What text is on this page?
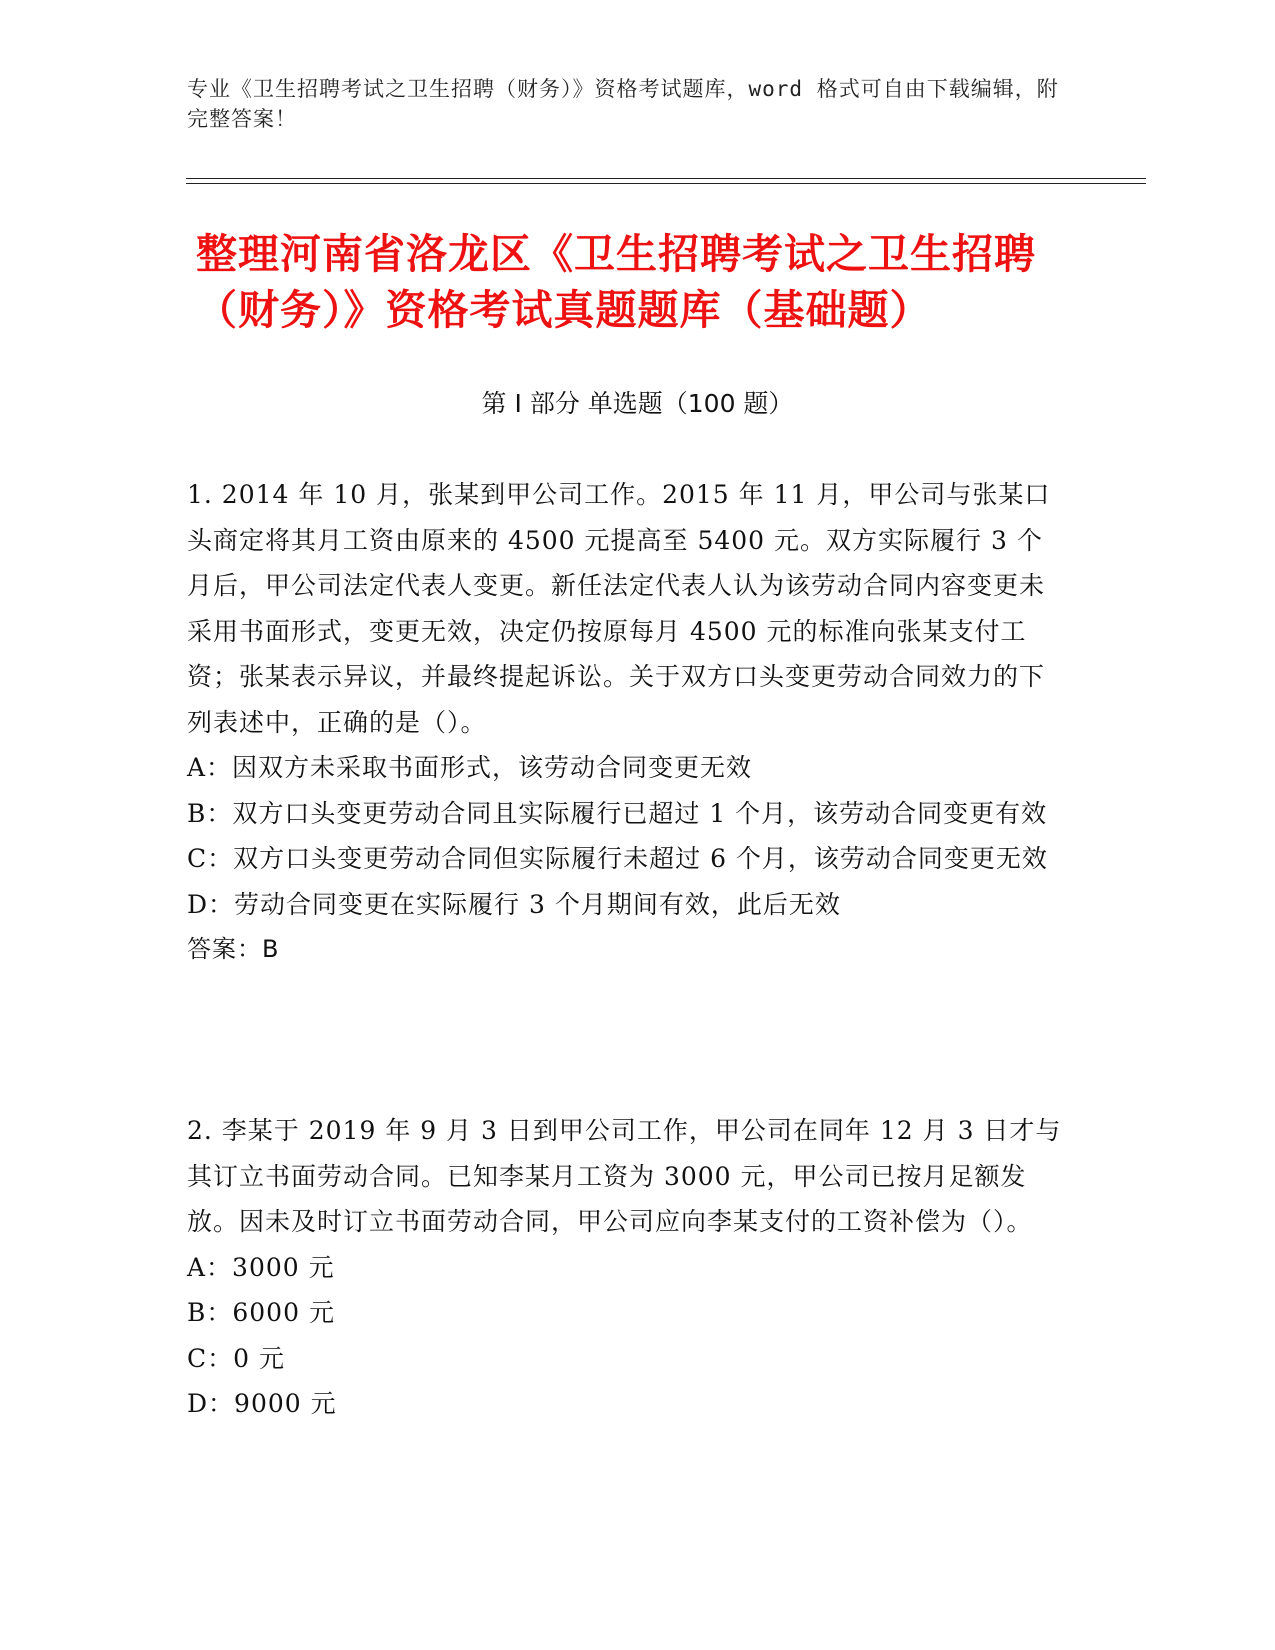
专业《卫生招聘考试之卫生招聘（财务）》资格考试题库，word 格式可自由下载编辑，附完整答案！
整理河南省洛龙区《卫生招聘考试之卫生招聘（财务）》资格考试真题题库（基础题）
第 I 部分 单选题（100 题）

1. 2014 年 10 月，张某到甲公司工作。2015 年 11 月，甲公司与张某口头商定将其月工资由原来的 4500 元提高至 5400 元。双方实际履行 3 个月后，甲公司法定代表人变更。新任法定代表人认为该劳动合同内容变更未采用书面形式，变更无效，决定仍按原每月 4500 元的标准向张某支付工资；张某表示异议，并最终提起诉讼。关于双方口头变更劳动合同效力的下列表述中，正确的是（）。

A：因双方未采取书面形式，该劳动合同变更无效

B：双方口头变更劳动合同且实际履行已超过 1 个月，该劳动合同变更有效

C：双方口头变更劳动合同但实际履行未超过 6 个月，该劳动合同变更无效

D：劳动合同变更在实际履行 3 个月期间有效，此后无效

答案：B

2. 李某于 2019 年 9 月 3 日到甲公司工作，甲公司在同年 12 月 3 日才与其订立书面劳动合同。已知李某月工资为 3000 元，甲公司已按月足额发放。因未及时订立书面劳动合同，甲公司应向李某支付的工资补偿为（）。

A：3000 元

B：6000 元

C：0 元

D：9000 元
